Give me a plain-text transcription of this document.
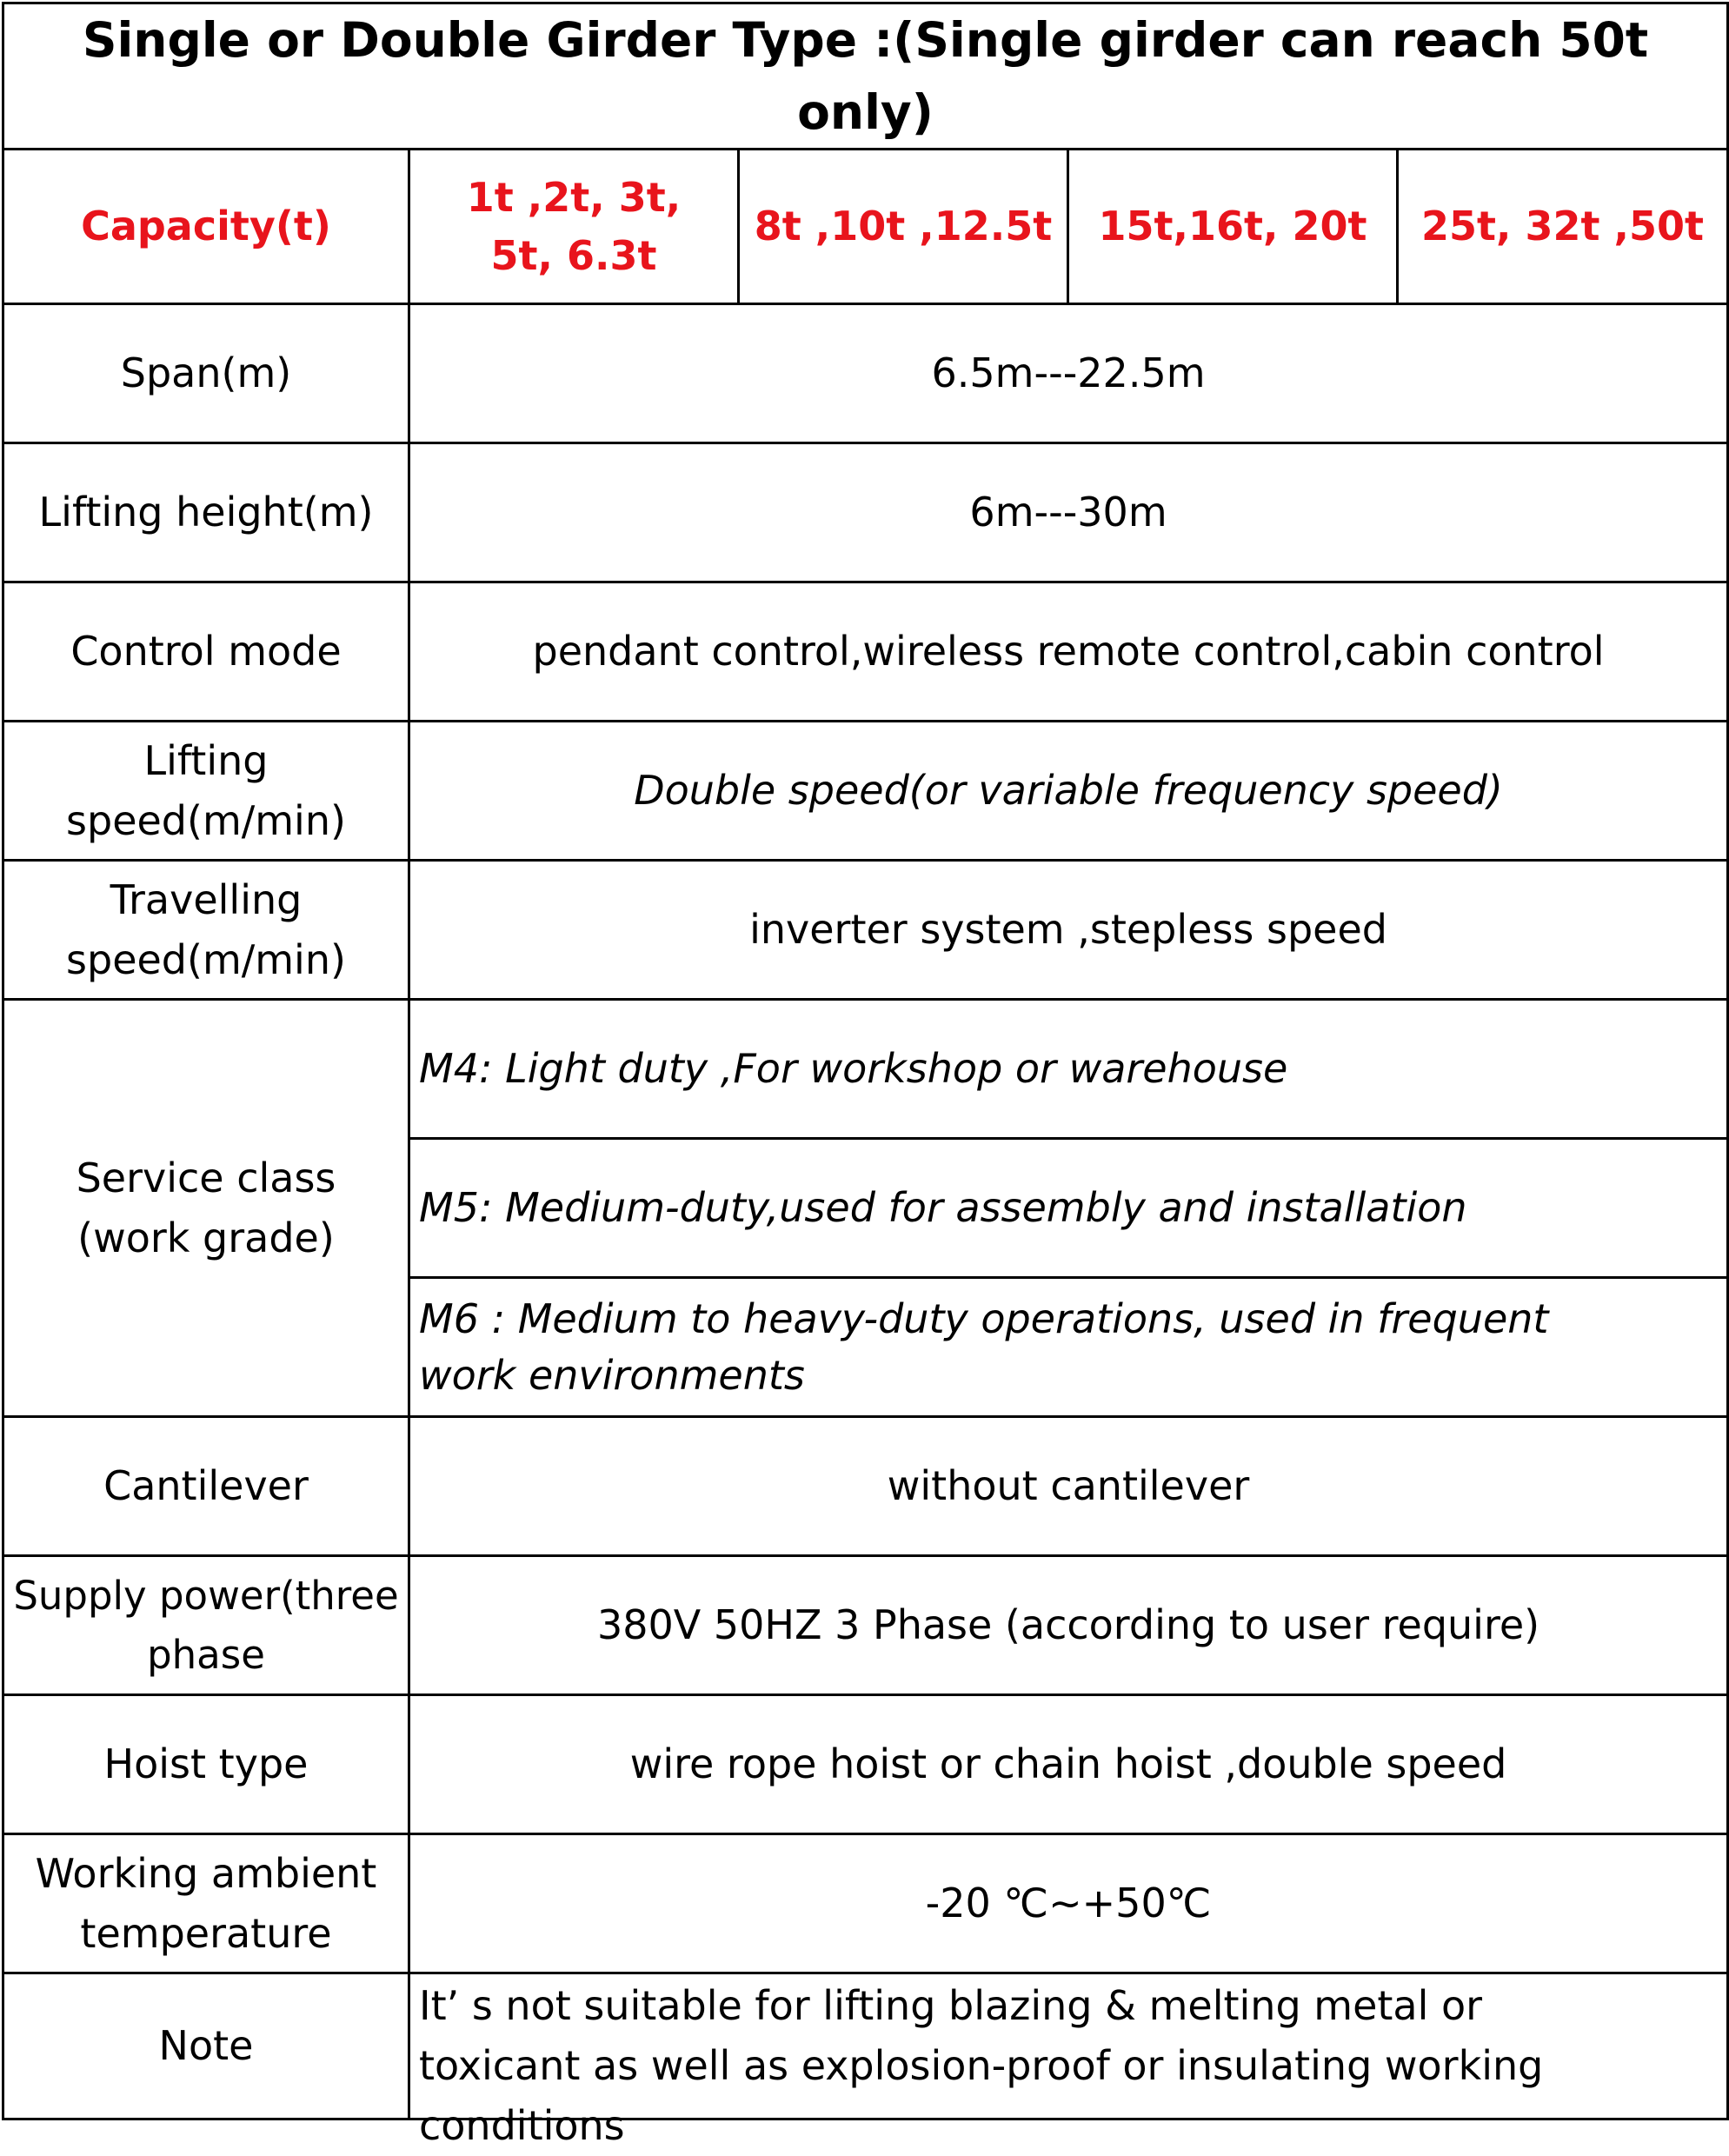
Single or Double Girder Type :(Single girder can reach 50t only)				
Capacity(t)	1t ,2t, 3t, 5t, 6.3t	8t ,10t ,12.5t	15t,16t, 20t	25t, 32t ,50t
Span(m)	6.5m---22.5m			
Lifting height(m)	6m---30m			
Control mode	pendant control,wireless remote control,cabin control			
Lifting speed(m/min)	Double speed(or variable frequency speed)			
Travelling speed(m/min)	inverter system ,stepless speed			
Service class (work grade)	M4: Light duty ,For workshop or warehouse			
	M5: Medium-duty,used for assembly and installation			
	M6 : Medium to heavy-duty operations, used in frequent work environments			
Cantilever	without cantilever			
Supply power(three phase	380V 50HZ 3 Phase (according to user require)			
Hoist type	wire rope hoist or chain hoist ,double speed			
Working ambient temperature	-20 ℃~+50℃			
Note	It’ s not suitable for lifting blazing & melting metal or toxicant as well as explosion-proof or insulating working conditions			
